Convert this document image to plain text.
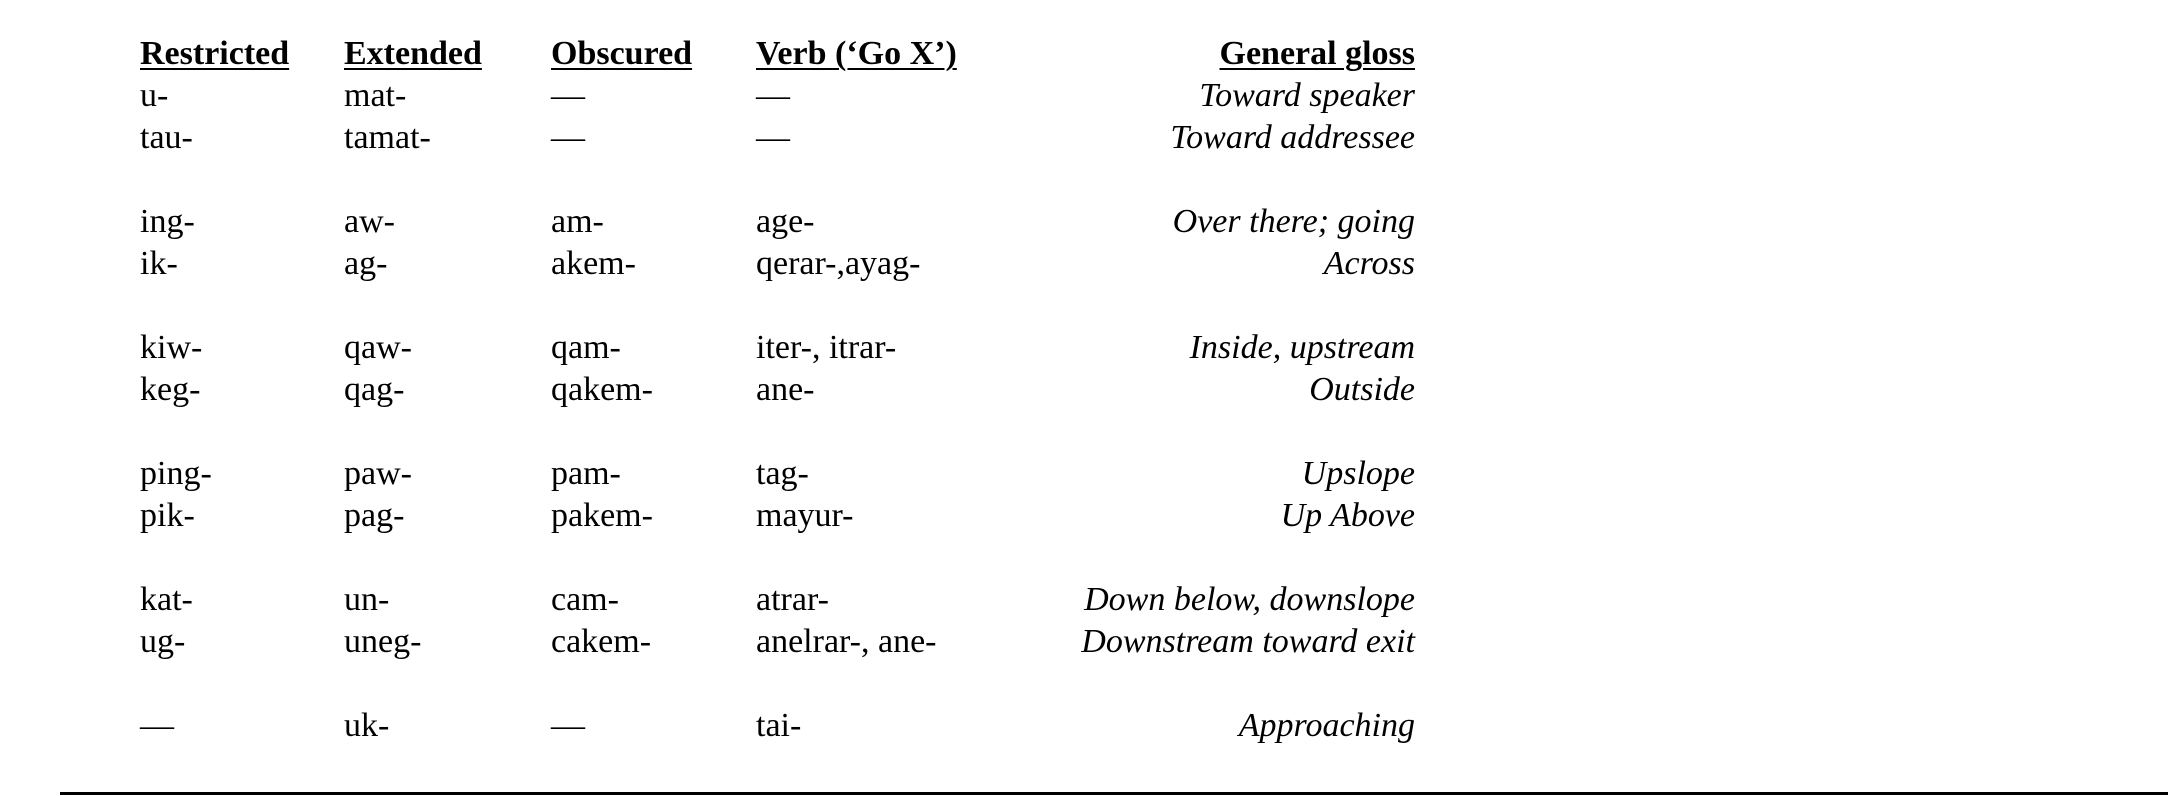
Restricted	Extended	Obscured	Verb (‘Go X’)	General gloss
u-	mat-	—	—	Toward speaker
tau-	tamat-	—	—	Toward addressee

ing-	aw-	am-	age-	Over there; going
ik-	ag-	akem-	qerar-,ayag-	Across

kiw-	qaw-	qam-	iter-, itrar-	Inside, upstream
keg-	qag-	qakem-	ane-	Outside

ping-	paw-	pam-	tag-	Upslope
pik-	pag-	pakem-	mayur-	Up Above

kat-	un-	cam-	atrar-	Down below, downslope
ug-	uneg-	cakem-	anelrar-, ane-	Downstream toward exit

—	uk-	—	tai-	Approaching
